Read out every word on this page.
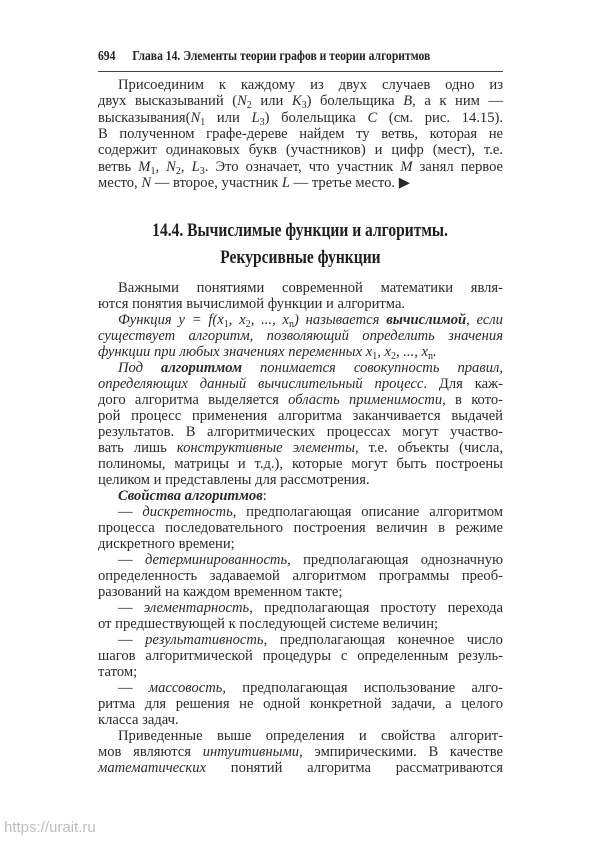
694 Глава 14. Элементы теории графов и теории алгоритмов
Присоединим к каждому из двух случаев одно из
двух высказываний ($N_2$ или $K_3$) болельщика B, а к ним —
$высказывания(N_1$ или $L_3$) болельщика C (см. рис. 14.15).
В полученном графе-дереве найдем ту ветвь, которая не
содержит одинаковых букв (участников) и цифр (мест), т.е.
ветвь $M_1$, $N_2$, $L_3$. Это означает, что участник M занял первое
место, N — второе, участник L — третье место. ▶
14.4. Вычислимые функции и алгоритмы.
Рекурсивные функции
Важными понятиями современной математики явля-
ются понятия вычислимой функции и алгоритма.
Функция $y = f(x_1$, $x_2$, ..., $x_n$) называется вычислимой, если
существует алгоритм, позволяющий определить значения
функции при любых значениях переменных $x_1$, $x_2$, ..., $x_n$.
Под алгоритмом понимается совокупность правил,
определяющих данный вычислительный процесс. Для каж-
дого алгоритма выделяется область применимости, в кото-
рой процесс применения алгоритма заканчивается выдачей
результатов. В алгоритмических процессах могут участво-
вать лишь конструктивные элементы, т.е. объекты (числа,
полиномы, матрицы и т.д.), которые могут быть построены
целиком и представлены для рассмотрения.
Свойства алгоритмов:
— дискретность, предполагающая описание алгоритмом
процесса последовательного построения величин в режиме
дискретного времени;
— детерминированность, предполагающая однозначную
определенность задаваемой алгоритмом программы преоб-
разований на каждом временном такте;
— элементарность, предполагающая простоту перехода
от предшествующей к последующей системе величин;
— результативность, предполагающая конечное число
шагов алгоритмической процедуры с определенным резуль-
татом;
— массовость, предполагающая использование алго-
ритма для решения не одной конкретной задачи, а целого
класса задач.
Приведенные выше определения и свойства алгорит-
мов являются интуитивными, эмпирическими. В качестве
математических понятий алгоритма рассматриваются
https://urait.ru
